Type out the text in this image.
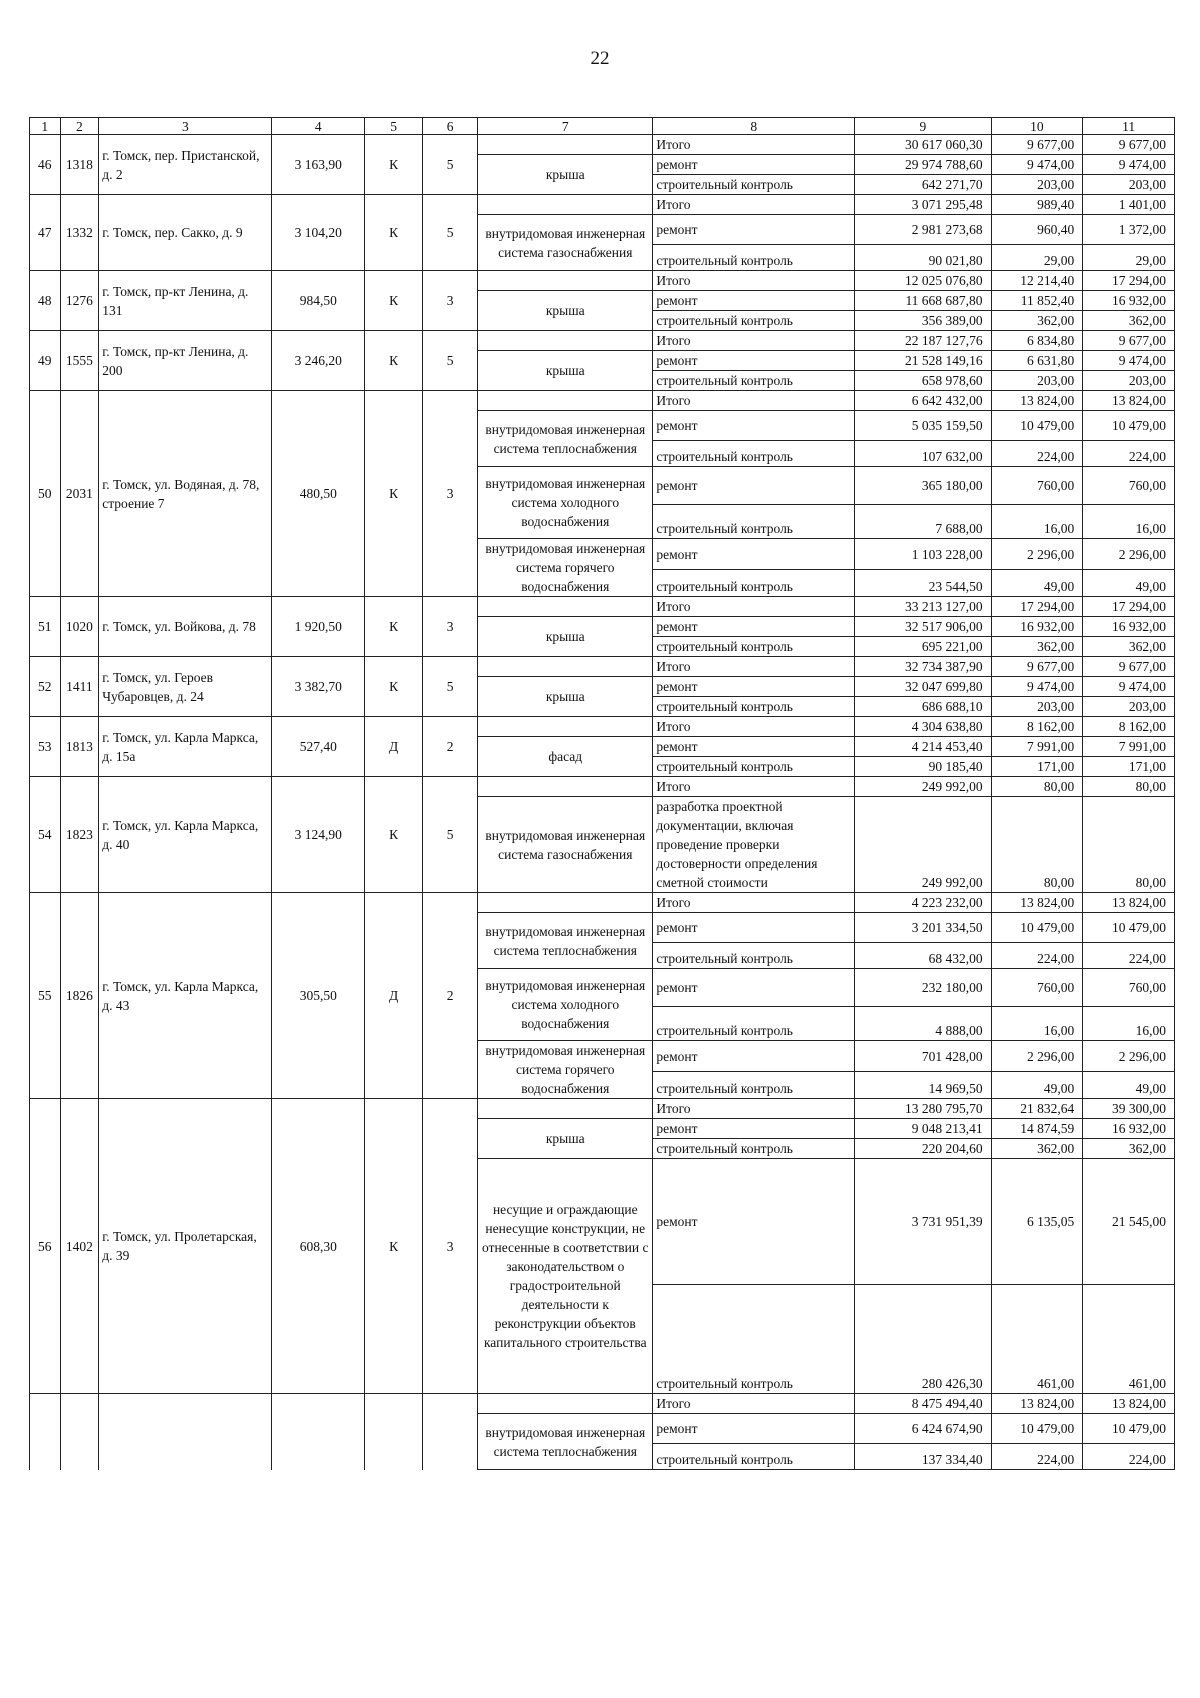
22
1	2	3	4	5	6	7	8	9	10	11
46	1318	г. Томск, пер. Пристанской, д. 2	3 163,90	К	5		Итого	30 617 060,30	9 677,00	9 677,00
						крыша	ремонт	29 974 788,60	9 474,00	9 474,00
							строительный контроль	642 271,70	203,00	203,00
47	1332	г. Томск, пер. Сакко, д. 9	3 104,20	К	5		Итого	3 071 295,48	989,40	1 401,00
						внутридомовая инженерная система газоснабжения	ремонт	2 981 273,68	960,40	1 372,00
							строительный контроль	90 021,80	29,00	29,00
48	1276	г. Томск, пр-кт Ленина, д. 131	984,50	К	3		Итого	12 025 076,80	12 214,40	17 294,00
						крыша	ремонт	11 668 687,80	11 852,40	16 932,00
							строительный контроль	356 389,00	362,00	362,00
49	1555	г. Томск, пр-кт Ленина, д. 200	3 246,20	К	5		Итого	22 187 127,76	6 834,80	9 677,00
						крыша	ремонт	21 528 149,16	6 631,80	9 474,00
							строительный контроль	658 978,60	203,00	203,00
50	2031	г. Томск, ул. Водяная, д. 78, строение 7	480,50	К	3		Итого	6 642 432,00	13 824,00	13 824,00
						внутридомовая инженерная система теплоснабжения	ремонт	5 035 159,50	10 479,00	10 479,00
							строительный контроль	107 632,00	224,00	224,00
						внутридомовая инженерная система холодного водоснабжения	ремонт	365 180,00	760,00	760,00
							строительный контроль	7 688,00	16,00	16,00
						внутридомовая инженерная система горячего водоснабжения	ремонт	1 103 228,00	2 296,00	2 296,00
							строительный контроль	23 544,50	49,00	49,00
51	1020	г. Томск, ул. Войкова, д. 78	1 920,50	К	3		Итого	33 213 127,00	17 294,00	17 294,00
						крыша	ремонт	32 517 906,00	16 932,00	16 932,00
							строительный контроль	695 221,00	362,00	362,00
52	1411	г. Томск, ул. Героев Чубаровцев, д. 24	3 382,70	К	5		Итого	32 734 387,90	9 677,00	9 677,00
						крыша	ремонт	32 047 699,80	9 474,00	9 474,00
							строительный контроль	686 688,10	203,00	203,00
53	1813	г. Томск, ул. Карла Маркса, д. 15а	527,40	Д	2		Итого	4 304 638,80	8 162,00	8 162,00
						фасад	ремонт	4 214 453,40	7 991,00	7 991,00
							строительный контроль	90 185,40	171,00	171,00
54	1823	г. Томск, ул. Карла Маркса, д. 40	3 124,90	К	5		Итого	249 992,00	80,00	80,00
						внутридомовая инженерная система газоснабжения	разработка проектной документации, включая проведение проверки достоверности определения сметной стоимости	249 992,00	80,00	80,00
55	1826	г. Томск, ул. Карла Маркса, д. 43	305,50	Д	2		Итого	4 223 232,00	13 824,00	13 824,00
						внутридомовая инженерная система теплоснабжения	ремонт	3 201 334,50	10 479,00	10 479,00
							строительный контроль	68 432,00	224,00	224,00
						внутридомовая инженерная система холодного водоснабжения	ремонт	232 180,00	760,00	760,00
							строительный контроль	4 888,00	16,00	16,00
						внутридомовая инженерная система горячего водоснабжения	ремонт	701 428,00	2 296,00	2 296,00
							строительный контроль	14 969,50	49,00	49,00
56	1402	г. Томск, ул. Пролетарская, д. 39	608,30	К	3		Итого	13 280 795,70	21 832,64	39 300,00
						крыша	ремонт	9 048 213,41	14 874,59	16 932,00
							строительный контроль	220 204,60	362,00	362,00
						несущие и ограждающие ненесущие конструкции, не отнесенные в соответствии с законодательством о градостроительной деятельности к реконструкции объектов капитального строительства	ремонт	3 731 951,39	6 135,05	21 545,00
							строительный контроль	280 426,30	461,00	461,00
							Итого	8 475 494,40	13 824,00	13 824,00
						внутридомовая инженерная система теплоснабжения	ремонт	6 424 674,90	10 479,00	10 479,00
							строительный контроль	137 334,40	224,00	224,00
